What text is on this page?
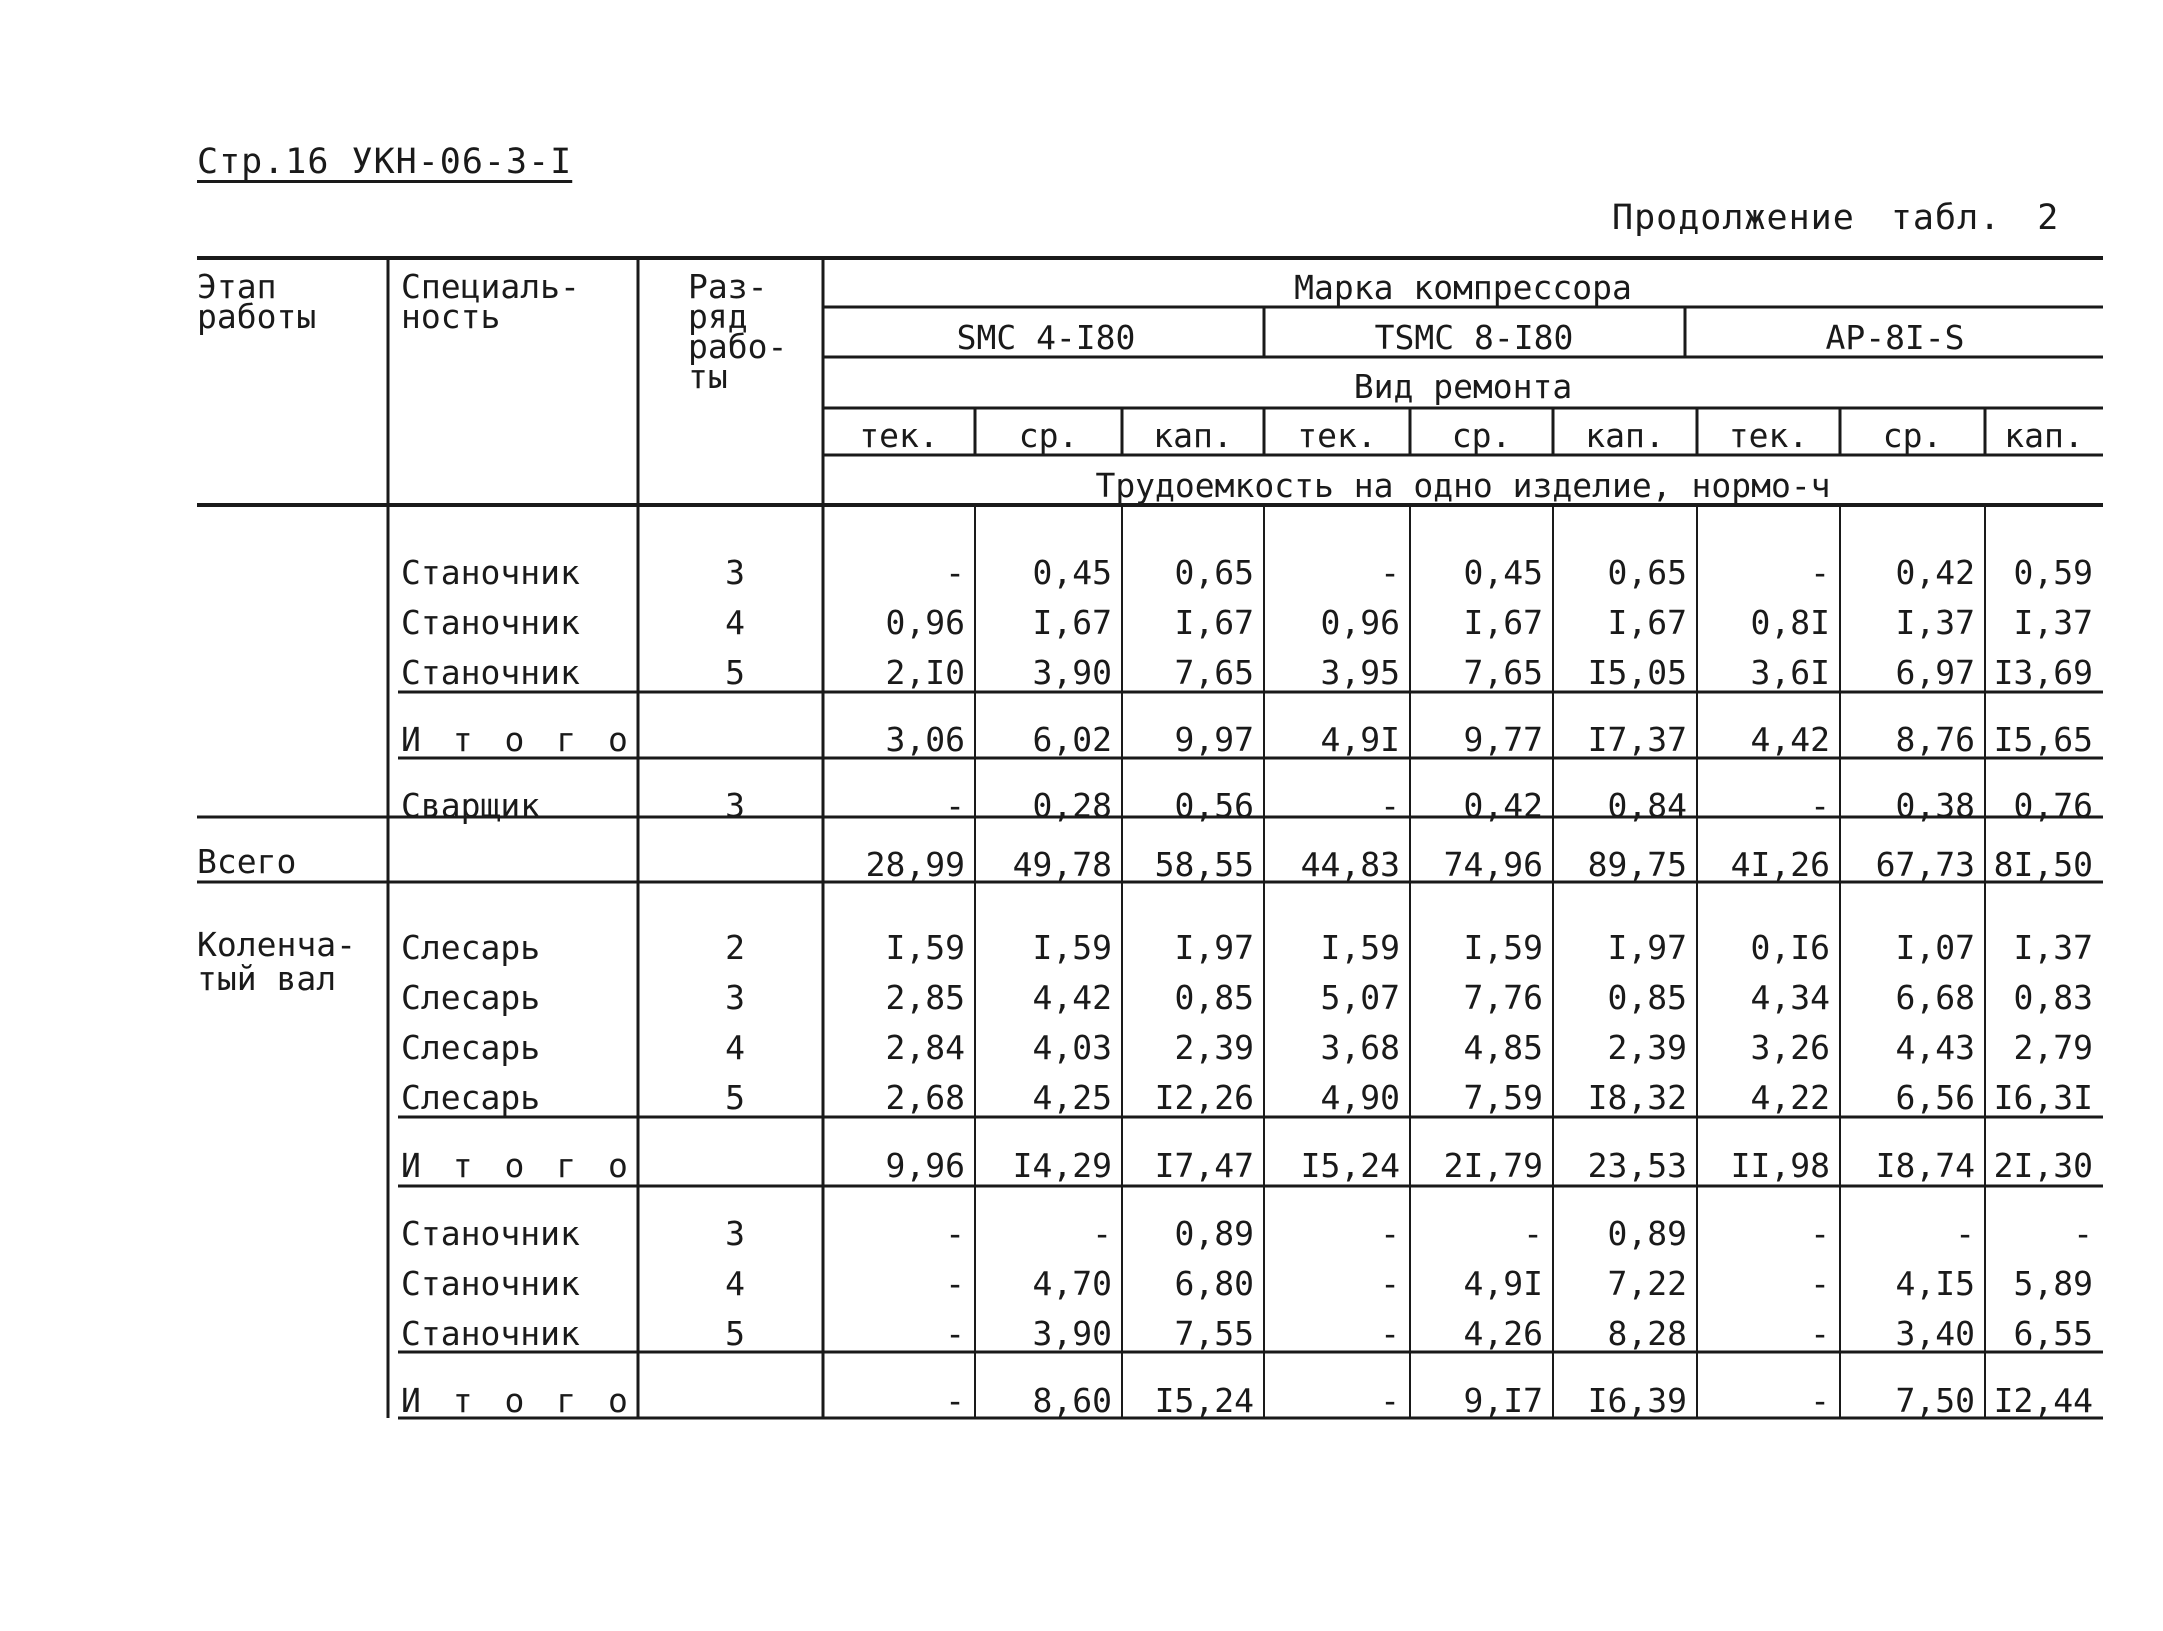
Стр.16 УКН-06-3-I
Продолжение табл. 2
Этап
работы
Специаль-
ность
Раз-
ряд
рабо-
ты
Марка компрессора
SMC 4-I80	TSMC 8-I80	AP-8I-S
Вид ремонта
тек. ср. кап. тек. ср. кап. тек. ср. кап.
Трудоемкость на одно изделие, нормо-ч
Станочник	3	- 0,45 0,65	- 0,45 0,65	- 0,42 0,59
Станочник	4	0,96 I,67 I,67 0,96 I,67 I,67 0,8I I,37 I,37
Станочник	5	2,I0 3,90 7,65 3,95 7,65 I5,05 3,6I 6,97 I3,69
И т о г о	3,06 6,02 9,97 4,9I 9,77 I7,37 4,42 8,76 I5,65
Сварщик	3	- 0,28 0,56	- 0,42 0,84	- 0,38 0,76
Всего	28,99 49,78 58,55 44,83 74,96 89,75 4I,26 67,73 8I,50
Коленча-
тый вал
Слесарь	2	I,59 I,59 I,97 I,59 I,59 I,97 0,I6 I,07 I,37
Слесарь	3	2,85 4,42 0,85 5,07 7,76 0,85 4,34 6,68 0,83
Слесарь	4	2,84 4,03 2,39 3,68 4,85 2,39 3,26 4,43 2,79
Слесарь	5	2,68 4,25 I2,26 4,90 7,59 I8,32 4,22 6,56 I6,3I
И т о г о	9,96 I4,29 I7,47 I5,24 2I,79 23,53 II,98 I8,74 2I,30
Станочник	3	-	- 0,89	-	- 0,89	-	-	-
Станочник	4	- 4,70 6,80	- 4,9I 7,22	- 4,I5 5,89
Станочник	5	- 3,90 7,55	- 4,26 8,28	- 3,40 6,55
И т о г о	- 8,60 I5,24	- 9,I7 I6,39	- 7,50 I2,44
